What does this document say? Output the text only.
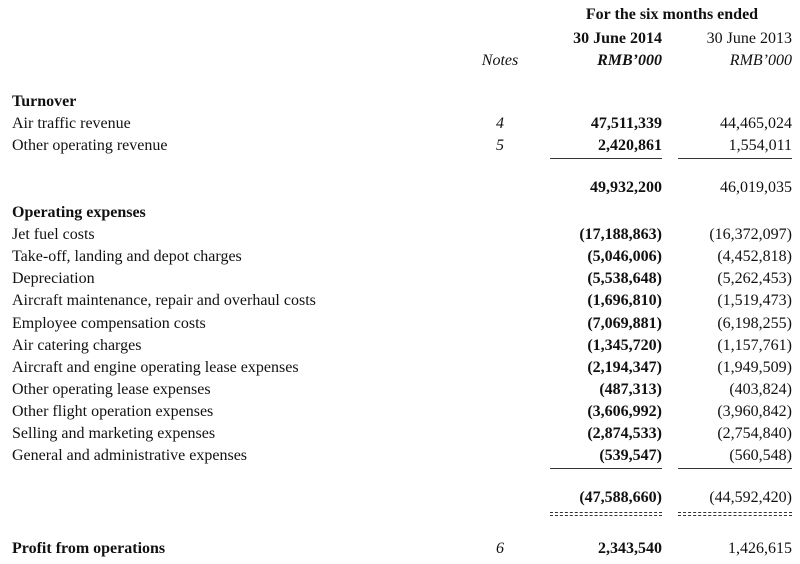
For the six months ended
30 June 2014	30 June 2013
Notes	RMB’000	RMB’000
Turnover
Air traffic revenue	4	47,511,339	44,465,024
Other operating revenue	5	2,420,861	1,554,011
49,932,200	46,019,035
Operating expenses
Jet fuel costs	(17,188,863)	(16,372,097)
Take-off, landing and depot charges	(5,046,006)	(4,452,818)
Depreciation	(5,538,648)	(5,262,453)
Aircraft maintenance, repair and overhaul costs	(1,696,810)	(1,519,473)
Employee compensation costs	(7,069,881)	(6,198,255)
Air catering charges	(1,345,720)	(1,157,761)
Aircraft and engine operating lease expenses	(2,194,347)	(1,949,509)
Other operating lease expenses	(487,313)	(403,824)
Other flight operation expenses	(3,606,992)	(3,960,842)
Selling and marketing expenses	(2,874,533)	(2,754,840)
General and administrative expenses	(539,547)	(560,548)
(47,588,660)	(44,592,420)
Profit from operations	6	2,343,540	1,426,615
